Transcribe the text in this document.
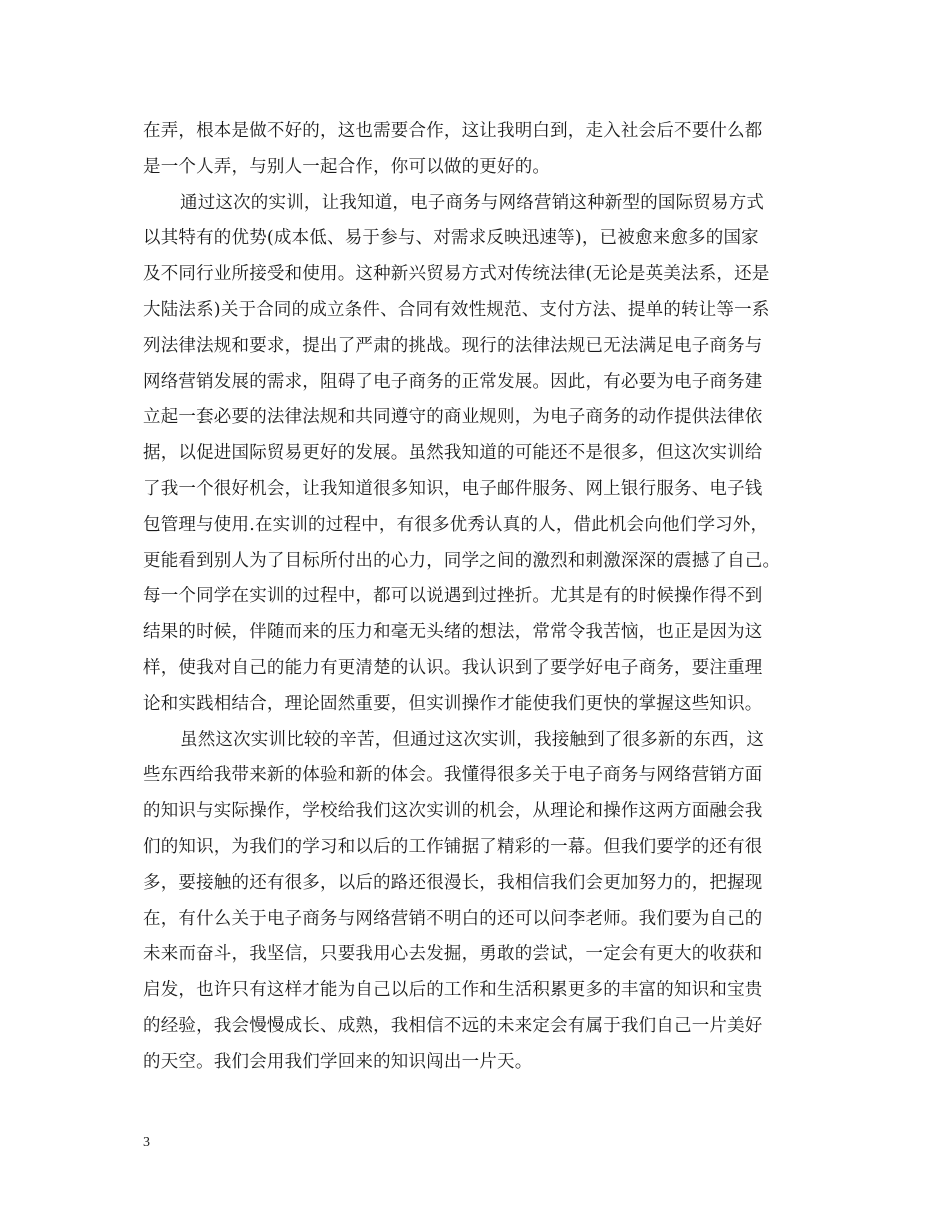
在弄，根本是做不好的，这也需要合作，这让我明白到，走入社会后不要什么都
是一个人弄，与别人一起合作，你可以做的更好的。
通过这次的实训，让我知道，电子商务与网络营销这种新型的国际贸易方式
以其特有的优势(成本低、易于参与、对需求反映迅速等)，已被愈来愈多的国家
及不同行业所接受和使用。这种新兴贸易方式对传统法律(无论是英美法系，还是
大陆法系)关于合同的成立条件、合同有效性规范、支付方法、提单的转让等一系
列法律法规和要求，提出了严肃的挑战。现行的法律法规已无法满足电子商务与
网络营销发展的需求，阻碍了电子商务的正常发展。因此，有必要为电子商务建
立起一套必要的法律法规和共同遵守的商业规则，为电子商务的动作提供法律依
据，以促进国际贸易更好的发展。虽然我知道的可能还不是很多，但这次实训给
了我一个很好机会，让我知道很多知识，电子邮件服务、网上银行服务、电子钱
包管理与使用.在实训的过程中，有很多优秀认真的人，借此机会向他们学习外，
更能看到别人为了目标所付出的心力，同学之间的激烈和刺激深深的震撼了自己。
每一个同学在实训的过程中，都可以说遇到过挫折。尤其是有的时候操作得不到
结果的时候，伴随而来的压力和毫无头绪的想法，常常令我苦恼，也正是因为这
样，使我对自己的能力有更清楚的认识。我认识到了要学好电子商务，要注重理
论和实践相结合，理论固然重要，但实训操作才能使我们更快的掌握这些知识。
虽然这次实训比较的辛苦，但通过这次实训，我接触到了很多新的东西，这
些东西给我带来新的体验和新的体会。我懂得很多关于电子商务与网络营销方面
的知识与实际操作，学校给我们这次实训的机会，从理论和操作这两方面融会我
们的知识，为我们的学习和以后的工作铺据了精彩的一幕。但我们要学的还有很
多，要接触的还有很多，以后的路还很漫长，我相信我们会更加努力的，把握现
在，有什么关于电子商务与网络营销不明白的还可以问李老师。我们要为自己的
未来而奋斗，我坚信，只要我用心去发掘，勇敢的尝试，一定会有更大的收获和
启发，也许只有这样才能为自己以后的工作和生活积累更多的丰富的知识和宝贵
的经验，我会慢慢成长、成熟，我相信不远的未来定会有属于我们自己一片美好
的天空。我们会用我们学回来的知识闯出一片天。
3
